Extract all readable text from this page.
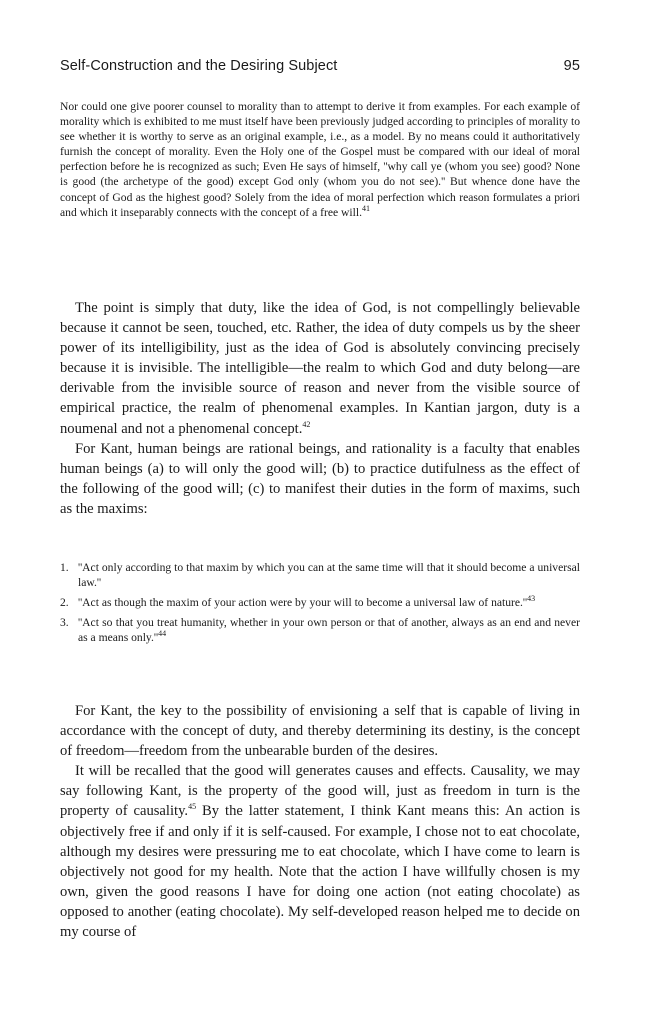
Self-Construction and the Desiring Subject	95
Nor could one give poorer counsel to morality than to attempt to derive it from examples. For each example of morality which is exhibited to me must itself have been previously judged according to principles of morality to see whether it is worthy to serve as an original example, i.e., as a model. By no means could it authoritatively furnish the concept of morality. Even the Holy one of the Gospel must be compared with our ideal of moral perfection before he is recognized as such; Even He says of himself, ''why call ye (whom you see) good? None is good (the archetype of the good) except God only (whom you do not see).'' But whence done have the concept of God as the highest good? Solely from the idea of moral perfection which reason formulates a priori and which it inseparably connects with the concept of a free will.$^{41}$

The point is simply that duty, like the idea of God, is not compellingly believable because it cannot be seen, touched, etc. Rather, the idea of duty compels us by the sheer power of its intelligibility, just as the idea of God is absolutely convincing precisely because it is invisible. The intelligible—the realm to which God and duty belong—are derivable from the invisible source of reason and never from the visible source of empirical practice, the realm of phenomenal examples. In Kantian jargon, duty is a noumenal and not a phenomenal concept.$^{42}$

For Kant, human beings are rational beings, and rationality is a faculty that enables human beings (a) to will only the good will; (b) to practice dutifulness as the effect of the following of the good will; (c) to manifest their duties in the form of maxims, such as the maxims:

1. ''Act only according to that maxim by which you can at the same time will that it should become a universal law.''
2. ''Act as though the maxim of your action were by your will to become a universal law of $nature.''^{43}$
3. ''Act so that you treat humanity, whether in your own person or that of another, always as an end and never as a means $only.''^{44}$

For Kant, the key to the possibility of envisioning a self that is capable of living in accordance with the concept of duty, and thereby determining its destiny, is the concept of freedom—freedom from the unbearable burden of the desires.

It will be recalled that the good will generates causes and effects. Causality, we may say following Kant, is the property of the good will, just as freedom in turn is the property of causality.$^{45}$ By the latter statement, I think Kant means this: An action is objectively free if and only if it is self-caused. For example, I chose not to eat chocolate, although my desires were pressuring me to eat chocolate, which I have come to learn is objectively not good for my health. Note that the action I have willfully chosen is my own, given the good reasons I have for doing one action (not eating chocolate) as opposed to another (eating chocolate). My self-developed reason helped me to decide on my course of
